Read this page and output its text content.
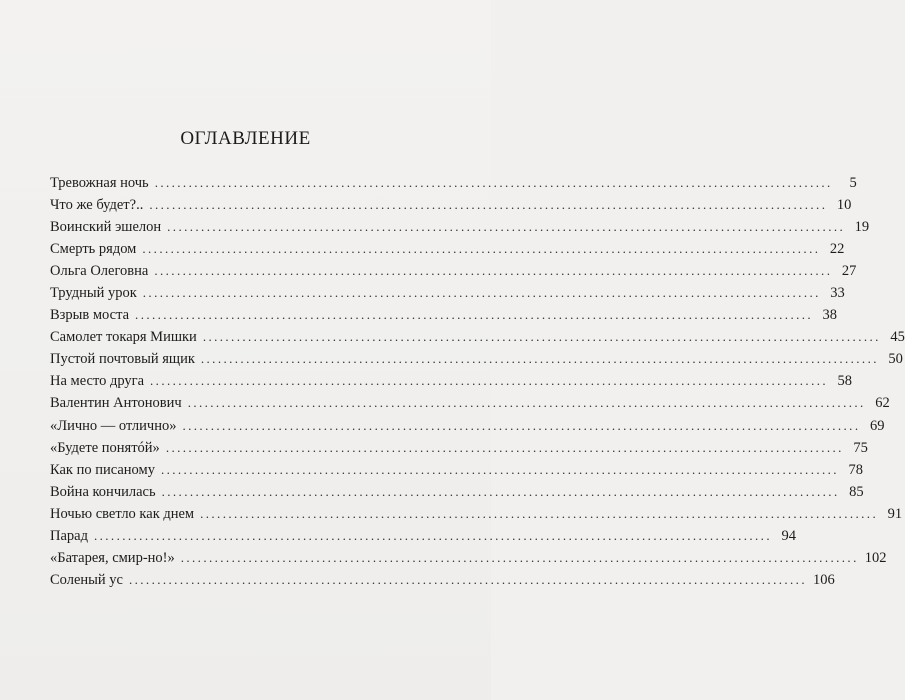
ОГЛАВЛЕНИЕ
Тревожная ночь ........................................................................................................................	5
Что же будет?.. ........................................................................................................................ 10
Воинский эшелон ........................................................................................................................ 19
Смерть рядом ........................................................................................................................ 22
Ольга Олеговна ........................................................................................................................ 27
Трудный урок ........................................................................................................................ 33
Взрыв моста ........................................................................................................................ 38
Самолет токаря Мишки ........................................................................................................................ 45
Пустой почтовый ящик ........................................................................................................................ 50
На место друга ........................................................................................................................ 58
Валентин Антонович ........................................................................................................................ 62
«Лично — отлично» ........................................................................................................................ 69
«Будете понятóй» ........................................................................................................................ 75
Как по писаному ........................................................................................................................ 78
Война кончилась ........................................................................................................................ 85
Ночью светло как днем ........................................................................................................................ 91
Парад ........................................................................................................................ 94
«Батарея, смир-но!» ........................................................................................................................ 102
Соленый ус ........................................................................................................................ 106
